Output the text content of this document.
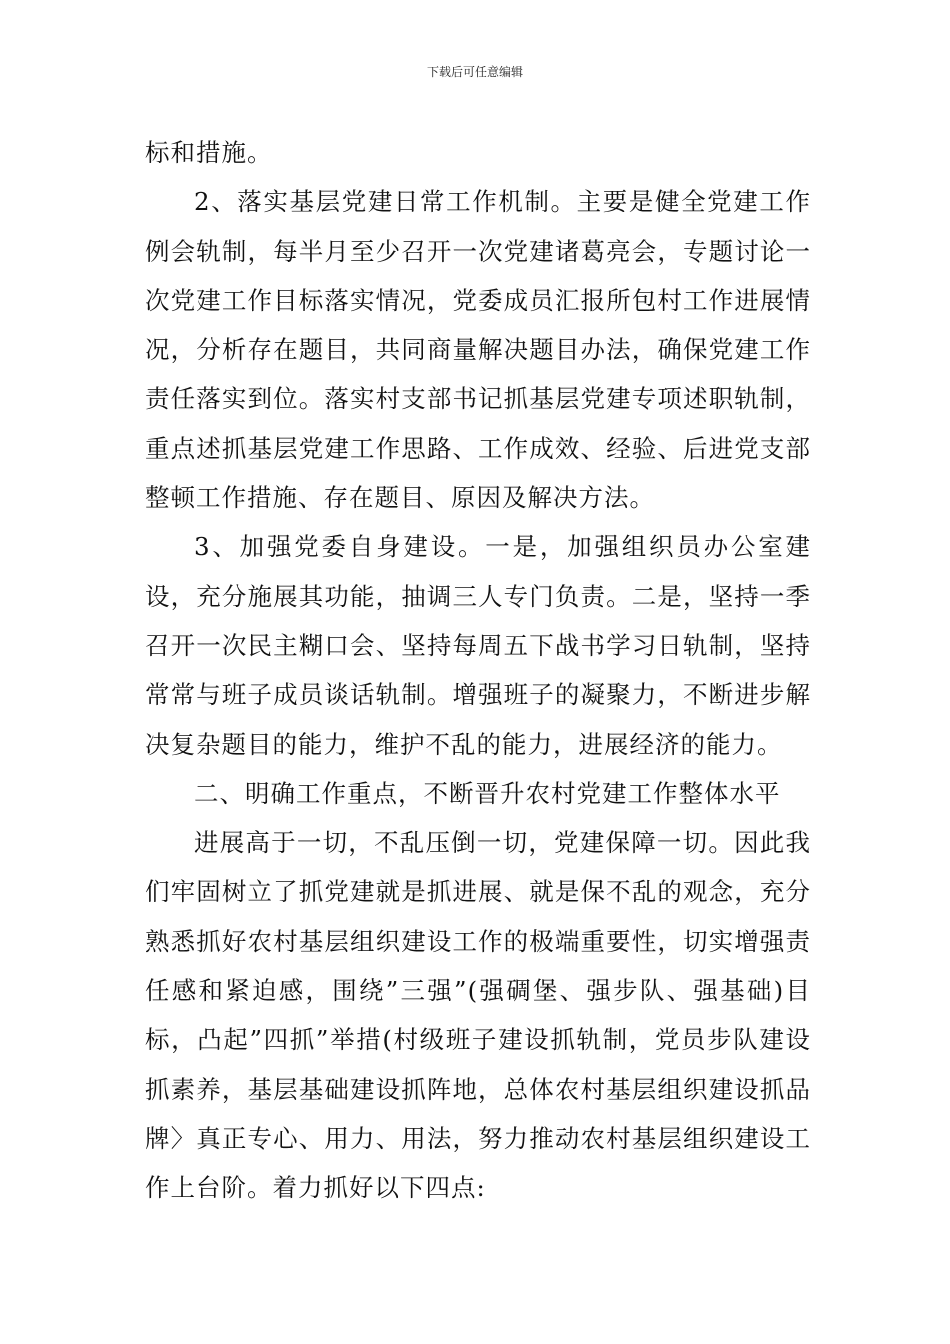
下载后可任意编辑

标和措施。

2、落实基层党建日常工作机制。主要是健全党建工作例会轨制，每半月至少召开一次党建诸葛亮会，专题讨论一次党建工作目标落实情况，党委成员汇报所包村工作进展情况，分析存在题目，共同商量解决题目办法，确保党建工作责任落实到位。落实村支部书记抓基层党建专项述职轨制，重点述抓基层党建工作思路、工作成效、经验、后进党支部整顿工作措施、存在题目、原因及解决方法。

3、加强党委自身建设。一是，加强组织员办公室建设，充分施展其功能，抽调三人专门负责。二是，坚持一季召开一次民主糊口会、坚持每周五下战书学习日轨制，坚持常常与班子成员谈话轨制。增强班子的凝聚力，不断进步解决复杂题目的能力，维护不乱的能力，进展经济的能力。

二、明确工作重点，不断晋升农村党建工作整体水平

进展高于一切，不乱压倒一切，党建保障一切。因此我们牢固树立了抓党建就是抓进展、就是保不乱的观念，充分熟悉抓好农村基层组织建设工作的极端重要性，切实增强责任感和紧迫感，围绕”三强”(强碉堡、强步队、强基础)目标，凸起”四抓”举措(村级班子建设抓轨制，党员步队建设抓素养，基层基础建设抓阵地，总体农村基层组织建设抓品牌〉真正专心、用力、用法，努力推动农村基层组织建设工作上台阶。着力抓好以下四点:
